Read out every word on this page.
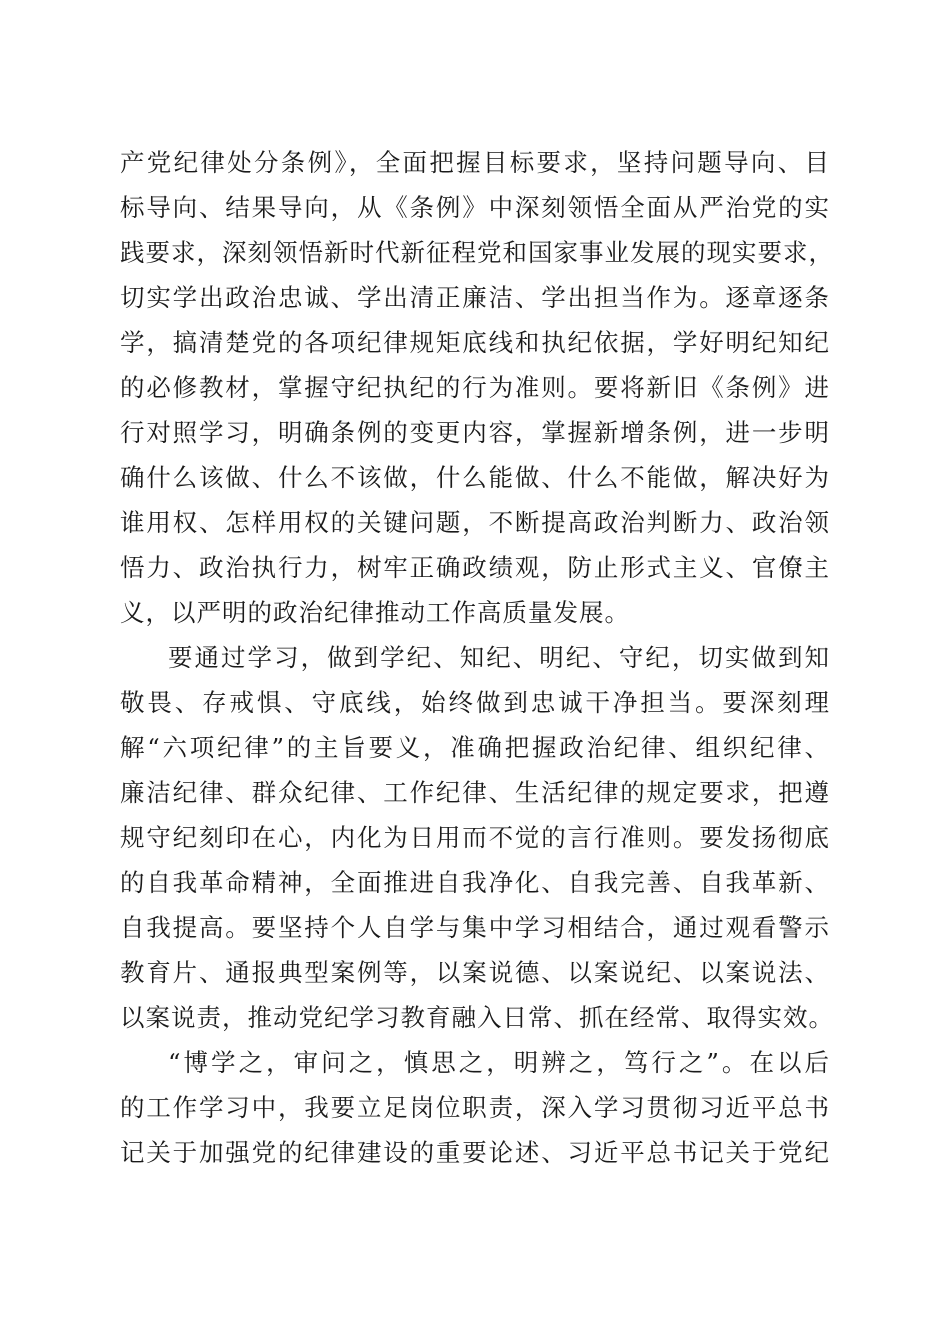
产党纪律处分条例》，全面把握目标要求，坚持问题导向、目
标导向、结果导向，从《条例》中深刻领悟全面从严治党的实
践要求，深刻领悟新时代新征程党和国家事业发展的现实要求，
切实学出政治忠诚、学出清正廉洁、学出担当作为。逐章逐条
学，搞清楚党的各项纪律规矩底线和执纪依据，学好明纪知纪
的必修教材，掌握守纪执纪的行为准则。要将新旧《条例》进
行对照学习，明确条例的变更内容，掌握新增条例，进一步明
确什么该做、什么不该做，什么能做、什么不能做，解决好为
谁用权、怎样用权的关键问题，不断提高政治判断力、政治领
悟力、政治执行力，树牢正确政绩观，防止形式主义、官僚主
义，以严明的政治纪律推动工作高质量发展。
要通过学习，做到学纪、知纪、明纪、守纪，切实做到知
敬畏、存戒惧、守底线，始终做到忠诚干净担当。要深刻理
解“六项纪律”的主旨要义，准确把握政治纪律、组织纪律、
廉洁纪律、群众纪律、工作纪律、生活纪律的规定要求，把遵
规守纪刻印在心，内化为日用而不觉的言行准则。要发扬彻底
的自我革命精神，全面推进自我净化、自我完善、自我革新、
自我提高。要坚持个人自学与集中学习相结合，通过观看警示
教育片、通报典型案例等，以案说德、以案说纪、以案说法、
以案说责，推动党纪学习教育融入日常、抓在经常、取得实效。
“博学之，审问之，慎思之，明辨之，笃行之”。在以后
的工作学习中，我要立足岗位职责，深入学习贯彻习近平总书
记关于加强党的纪律建设的重要论述、习近平总书记关于党纪
